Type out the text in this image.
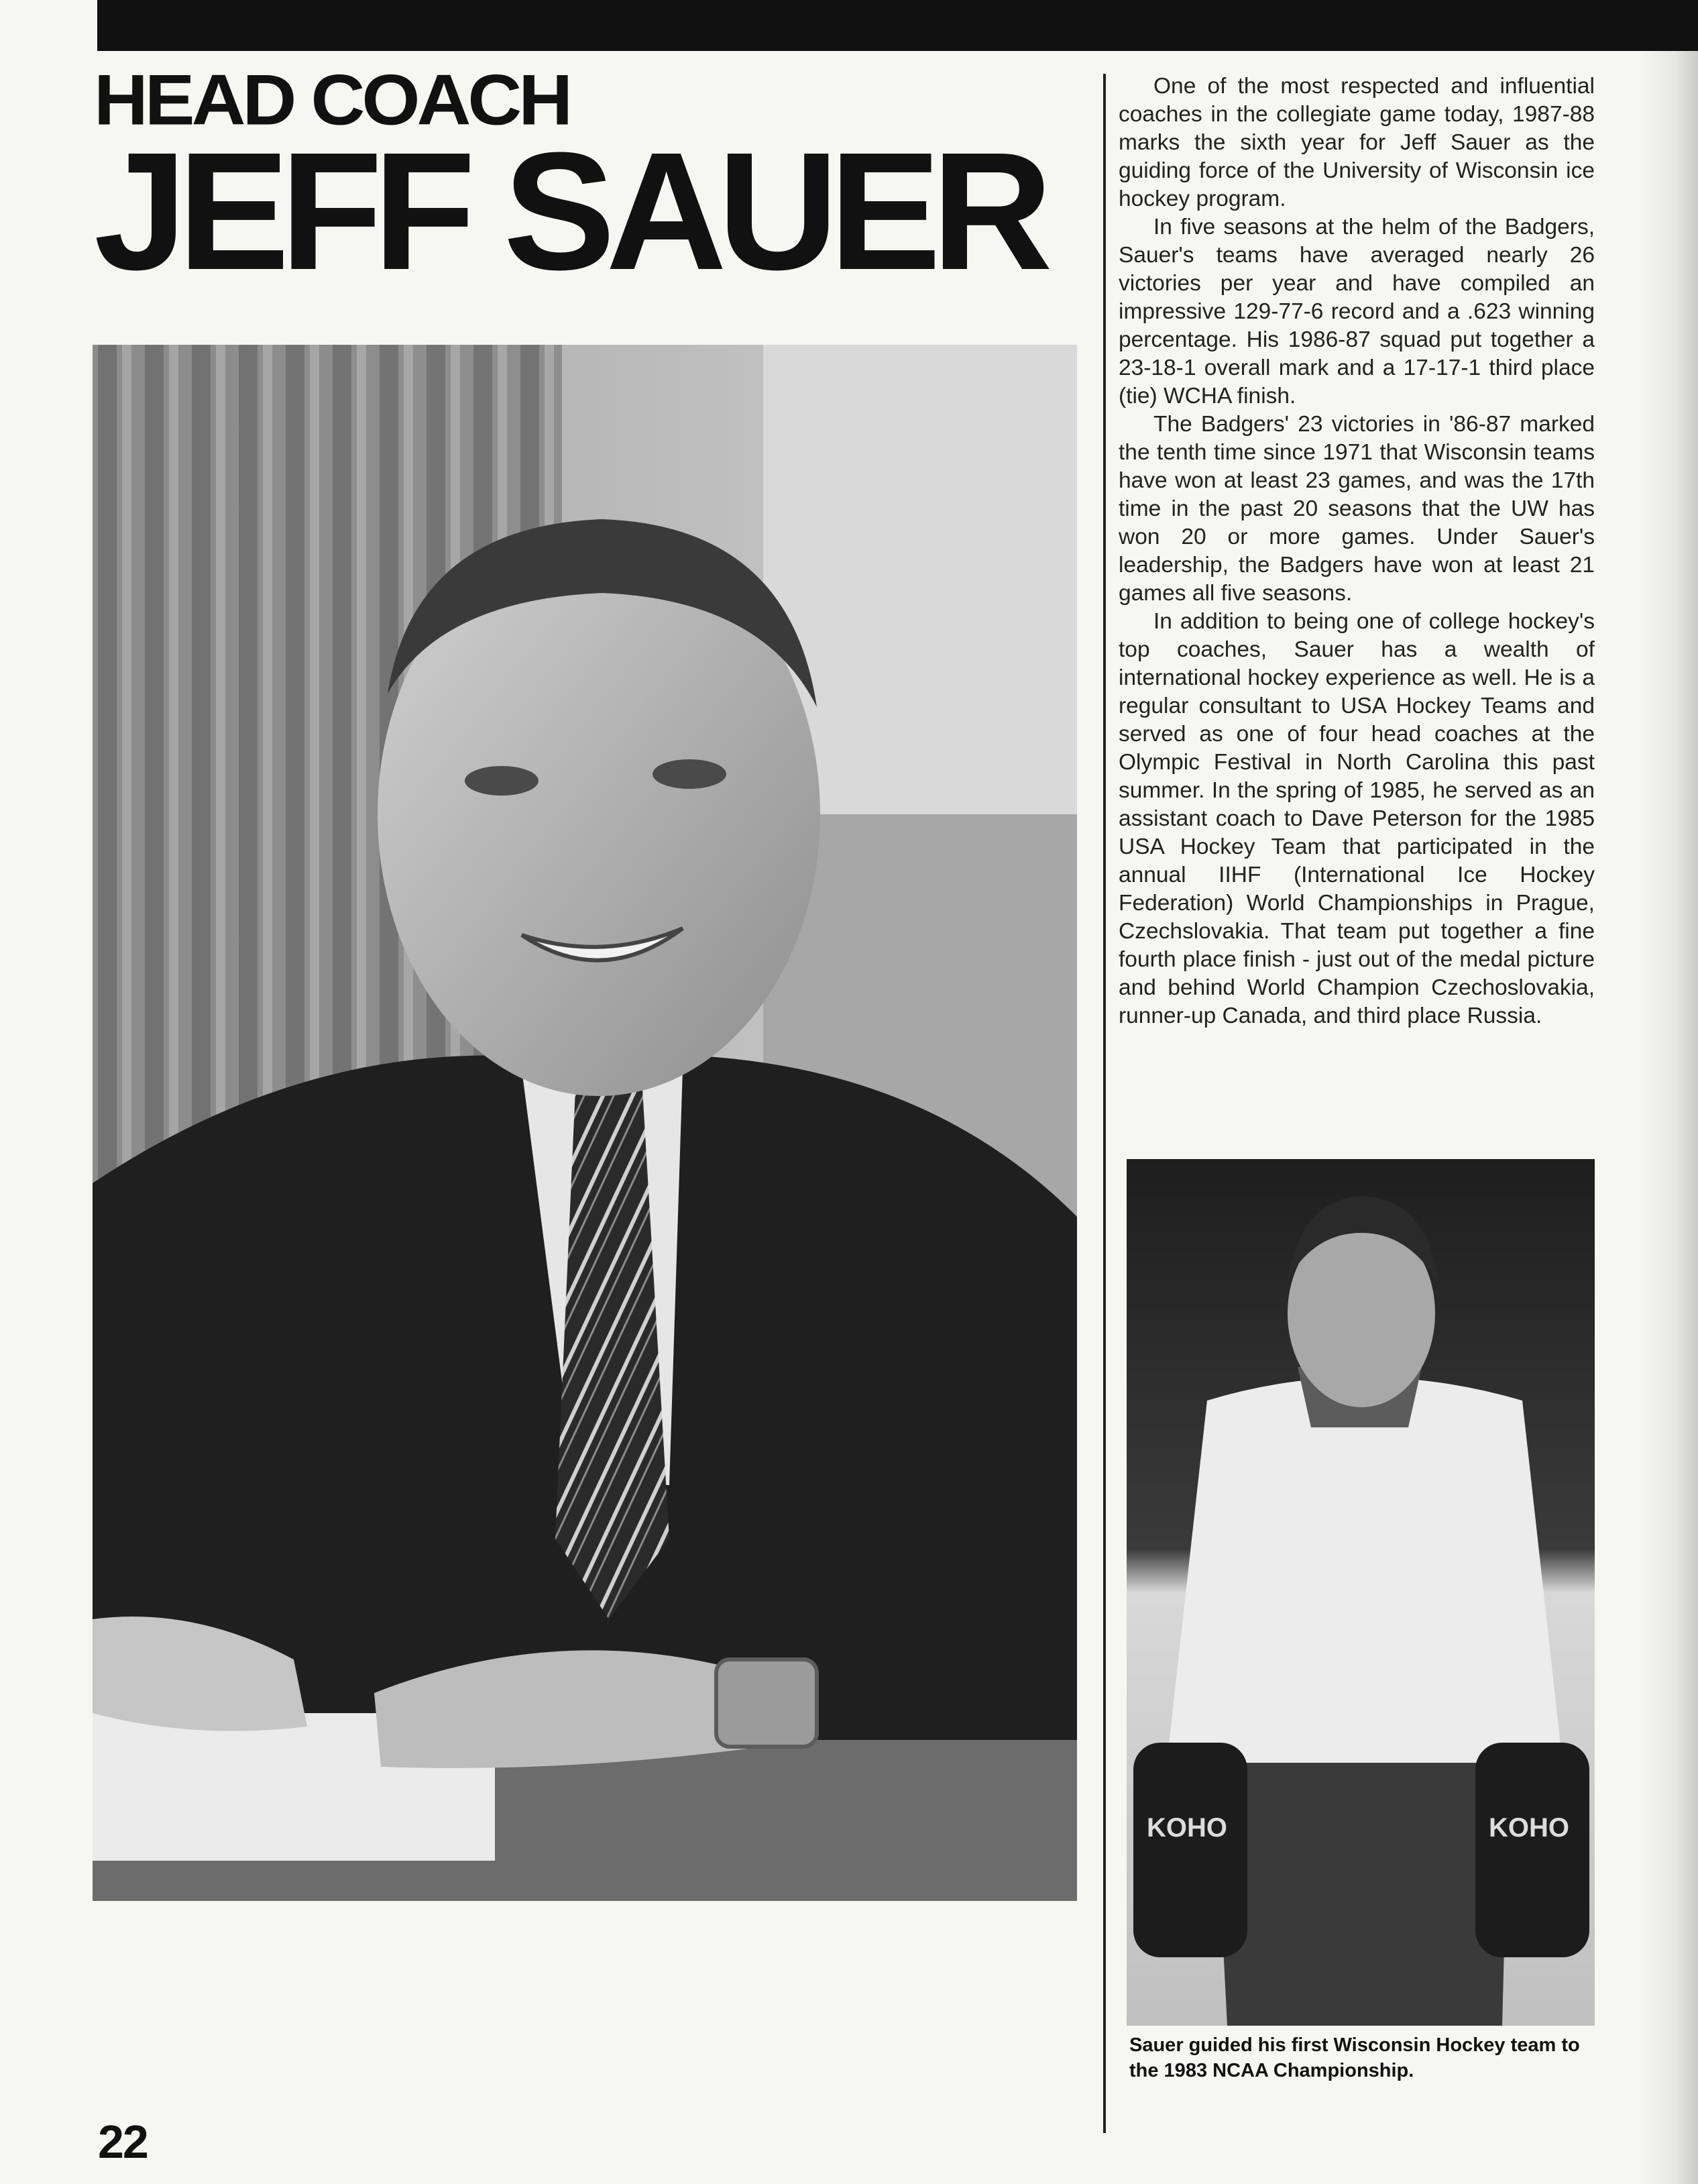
HEAD COACH
JEFF SAUER

One of the most respected and influential coaches in the collegiate game today, 1987-88 marks the sixth year for Jeff Sauer as the guiding force of the University of Wisconsin ice hockey program.

In five seasons at the helm of the Badgers, Sauer's teams have averaged nearly 26 victories per year and have compiled an impressive 129-77-6 record and a .623 winning percentage. His 1986-87 squad put together a 23-18-1 overall mark and a 17-17-1 third place (tie) WCHA finish.

The Badgers' 23 victories in '86-87 marked the tenth time since 1971 that Wisconsin teams have won at least 23 games, and was the 17th time in the past 20 seasons that the UW has won 20 or more games. Under Sauer's leadership, the Badgers have won at least 21 games all five seasons.

In addition to being one of college hockey's top coaches, Sauer has a wealth of international hockey experience as well. He is a regular consultant to USA Hockey Teams and served as one of four head coaches at the Olympic Festival in North Carolina this past summer. In the spring of 1985, he served as an assistant coach to Dave Peterson for the 1985 USA Hockey Team that participated in the annual IIHF (International Ice Hockey Federation) World Championships in Prague, Czechslovakia. That team put together a fine fourth place finish - just out of the medal picture and behind World Champion Czechoslovakia, runner-up Canada, and third place Russia.

KOHO	KOHO
Sauer guided his first Wisconsin Hockey team to the 1983 NCAA Championship.
22
